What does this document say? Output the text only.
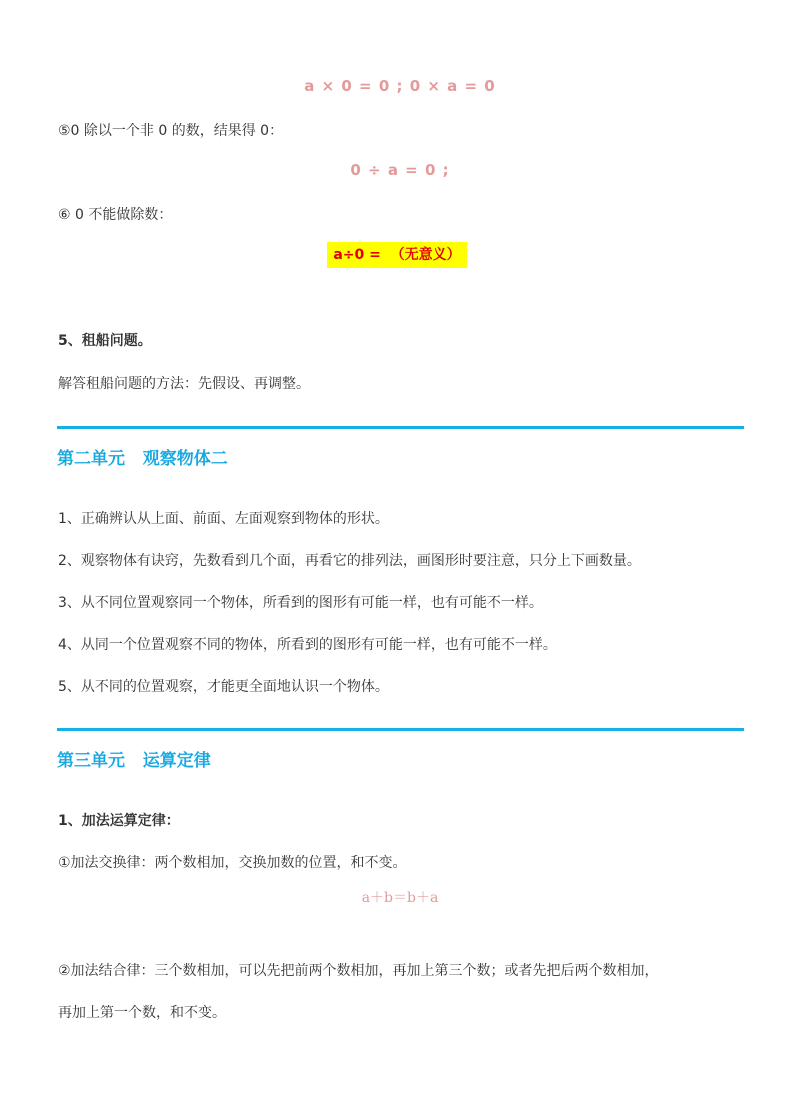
a × 0 = 0 ; 0 × a = 0
⑤0 除以一个非 0 的数，结果得 0：
0 ÷ a = 0 ;
⑥ 0 不能做除数：
a÷0 =  （无意义）
5、租船问题。
解答租船问题的方法：先假设、再调整。
第二单元   观察物体二
1、正确辨认从上面、前面、左面观察到物体的形状。
2、观察物体有诀窍，先数看到几个面，再看它的排列法，画图形时要注意，只分上下画数量。
3、从不同位置观察同一个物体，所看到的图形有可能一样，也有可能不一样。
4、从同一个位置观察不同的物体，所看到的图形有可能一样，也有可能不一样。
5、从不同的位置观察，才能更全面地认识一个物体。
第三单元   运算定律
1、加法运算定律：
①加法交换律：两个数相加，交换加数的位置，和不变。
a＋b＝b＋a
②加法结合律：三个数相加，可以先把前两个数相加，再加上第三个数；或者先把后两个数相加，
再加上第一个数，和不变。
